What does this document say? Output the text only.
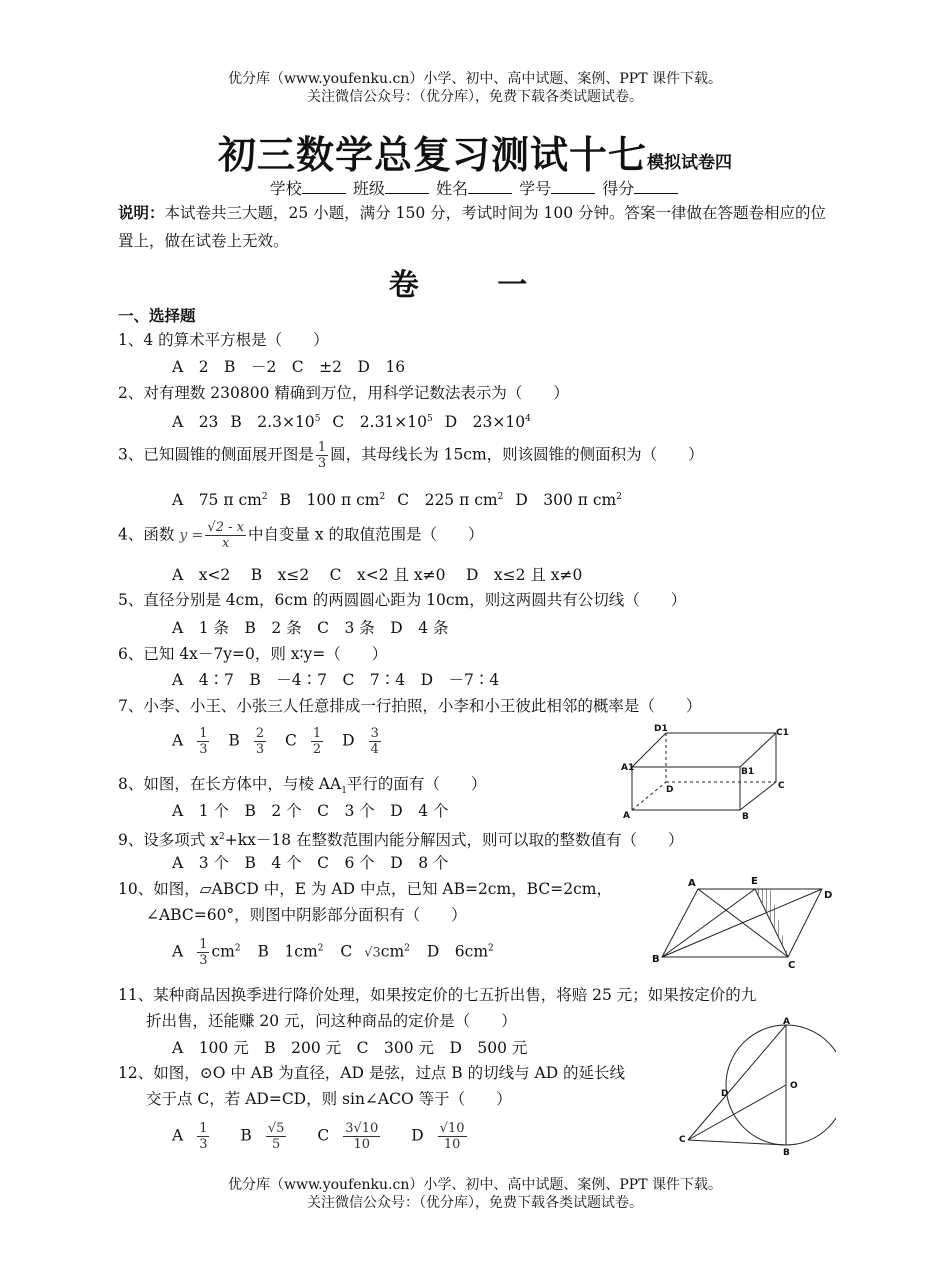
优分库（www.youfenku.cn）小学、初中、高中试题、案例、PPT 课件下载。
关注微信公众号：（优分库），免费下载各类试题试卷。
初三数学总复习测试十七模拟试卷四
学校	班级	姓名	学号	得分
说明：本试卷共三大题，25 小题，满分 150 分，考试时间为 100 分钟。答案一律做在答题卷相应的位置上，做在试卷上无效。
卷 一
一、选择题
1、4 的算术平方根是（　　）
A　2　B　－2　C　±2　D　16
2、对有理数 230800 精确到万位，用科学记数法表示为（　　）
A　23 B　$2.3\times 10^5$ C　$2.31\times 10^5$ D　$23\times 10^4$
3、已知圆锥的侧面展开图是 $\frac{1}{3}$ 圆，其母线长为 15cm，则该圆锥的侧面积为（　　）
A　75 π $cm^2$ B　100 π $cm^2$ C　225 π $cm^2$ D　300 π $cm^2$
4、函数 $y = \frac{√2 - x}{x}$ 中自变量 x 的取值范围是（　　）
A　x<2　 B　x≤2　 C　x<2 且 x≠0　 D　x≤2 且 x≠0
5、直径分别是 4cm，6cm 的两圆圆心距为 10cm，则这两圆共有公切线（　　）
A　1 条　B　2 条　C　3 条　D　4 条
6、已知 4x－7y=0，则 x∶y=（　　）
A　4∶7　B　－4∶7　C　7∶4　D　－7∶4
7、小李、小王、小张三人任意排成一行拍照，小李和小王彼此相邻的概率是（　　）
A $\frac{1}{3}$ B $\frac{2}{3}$ C $\frac{1}{2}$ D $\frac{3}{4}$
8、如图，在长方体中，与棱 $AA_1$平行的面有（　　）
A　1 个　B　2 个　C　3 个　D　4 个
9、设多项式 $x^2+kx-18$ 在整数范围内能分解因式，则可以取的整数值有（　　）
A　3 个　B　4 个　C　6 个　D　8 个
10、如图，▱ABCD 中，E 为 AD 中点，已知 AB=2cm，BC=2cm，
∠ABC=60°，则图中阴影部分面积有（　　）
A $\frac{1}{3} cm^2$ B　$1cm^2$ C $√3cm^2$ D　$6cm^2$
11、某种商品因换季进行降价处理，如果按定价的七五折出售，将赔 25 元；如果按定价的九
折出售，还能赚 20 元，问这种商品的定价是（　　）
A　100 元　B　200 元　C　300 元　D　500 元
12、如图，⊙O 中 AB 为直径，AD 是弦，过点 B 的切线与 AD 的延长线
交于点 C，若 AD=CD，则 sin∠ACO 等于（　　）
A $\frac{1}{3}$ B $\frac{√5}{5}$ C $\frac{3√10}{10}$ D $\frac{√10}{10}$
D1	C1
A1	B1
D	C
A	B
A	E
D
B
C
A
O
D
C
B
优分库（www.youfenku.cn）小学、初中、高中试题、案例、PPT 课件下载。
关注微信公众号：（优分库），免费下载各类试题试卷。
